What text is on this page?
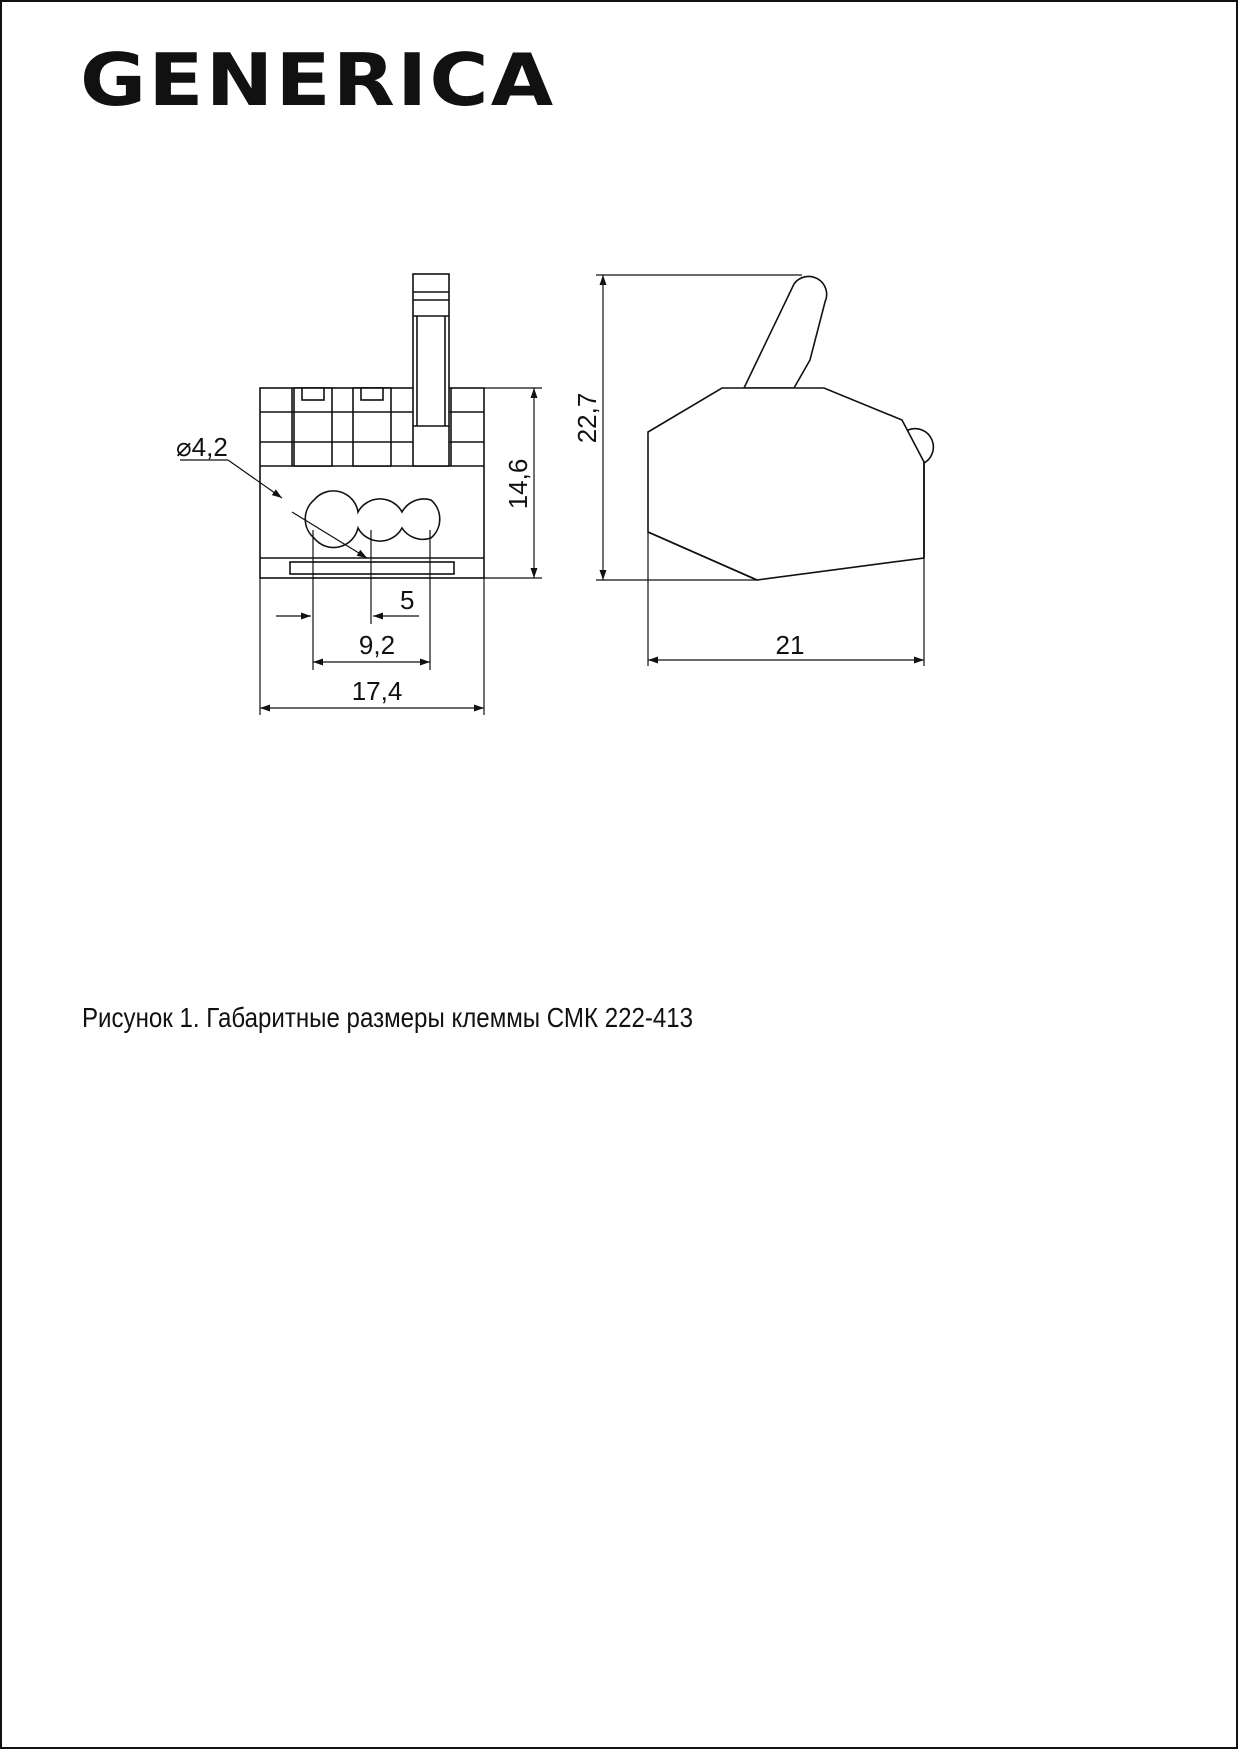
GENERICA
⌀4,2
14,6
5
9,2
17,4
22,7
21
Рисунок 1. Габаритные размеры клеммы СМК 222-413
